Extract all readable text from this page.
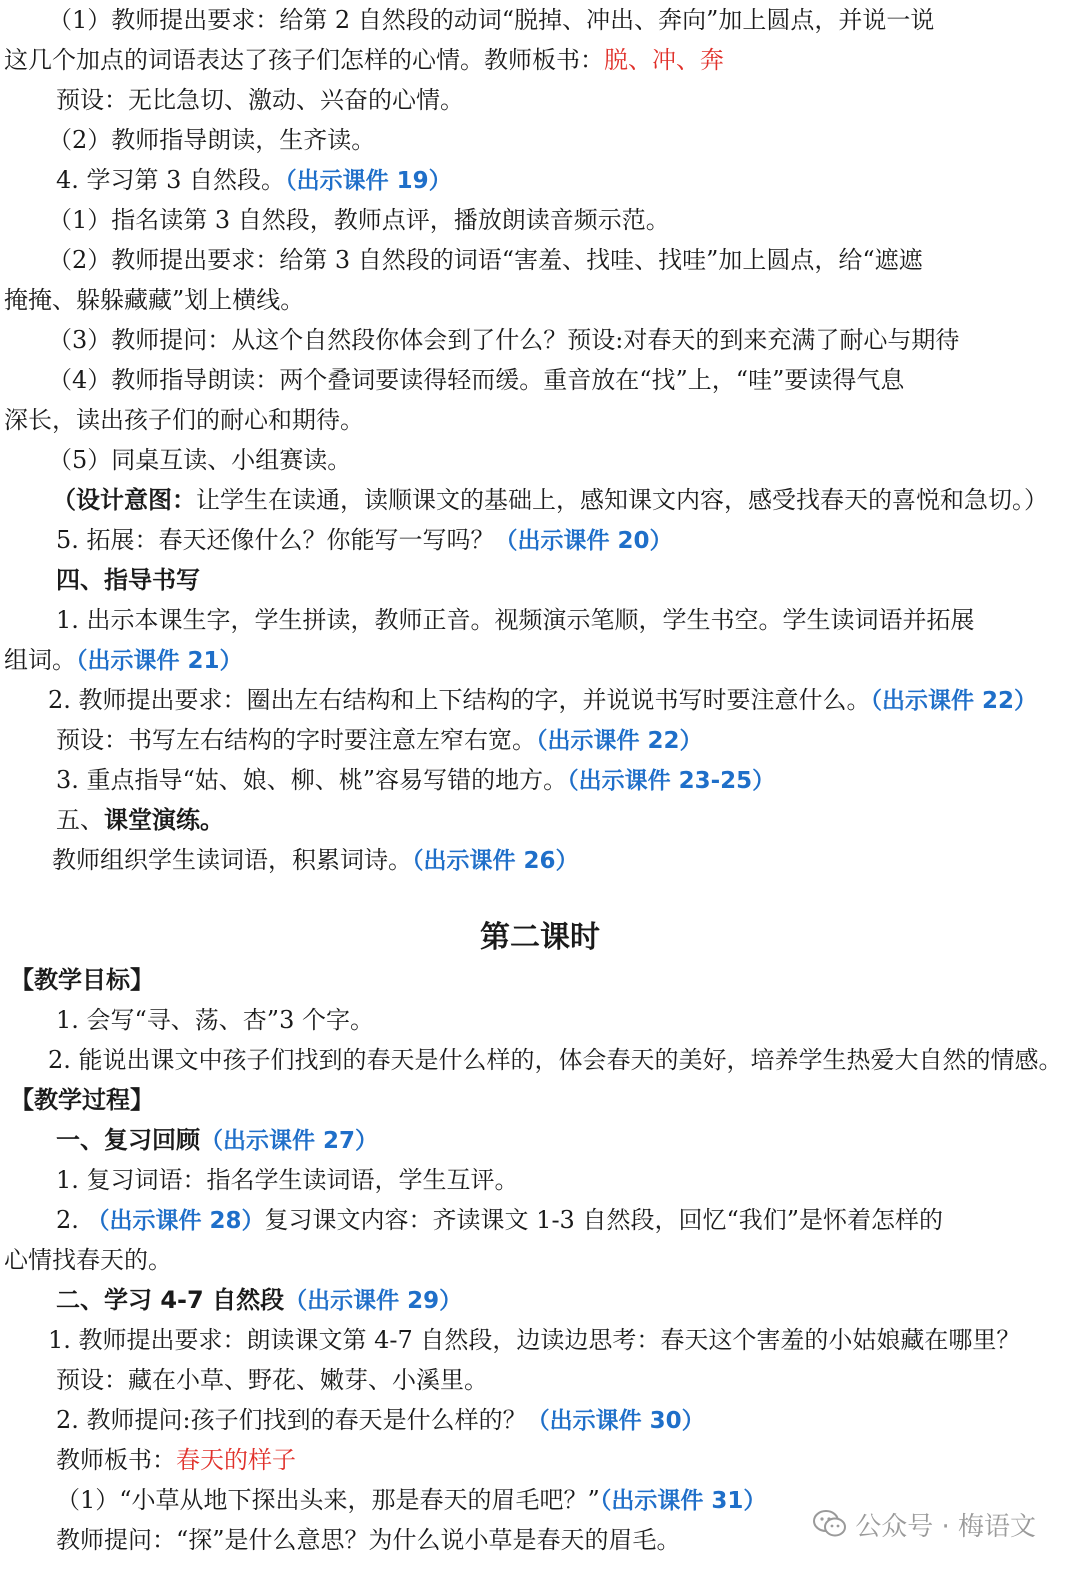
（1）教师提出要求：给第 2 自然段的动词“脱掉、冲出、奔向”加上圆点，并说一说
这几个加点的词语表达了孩子们怎样的心情。教师板书：脱、冲、奔
预设：无比急切、激动、兴奋的心情。
（2）教师指导朗读，生齐读。
4. 学习第 3 自然段。（出示课件 19）
（1）指名读第 3 自然段，教师点评，播放朗读音频示范。
（2）教师提出要求：给第 3 自然段的词语“害羞、找哇、找哇”加上圆点，给“遮遮
掩掩、躲躲藏藏”划上横线。
（3）教师提问：从这个自然段你体会到了什么？预设:对春天的到来充满了耐心与期待
（4）教师指导朗读：两个叠词要读得轻而缓。重音放在“找”上，“哇”要读得气息
深长，读出孩子们的耐心和期待。
（5）同桌互读、小组赛读。
（设计意图：让学生在读通，读顺课文的基础上，感知课文内容，感受找春天的喜悦和急切。）
5. 拓展：春天还像什么？你能写一写吗？（出示课件 20）
四、指导书写
1. 出示本课生字，学生拼读，教师正音。视频演示笔顺，学生书空。学生读词语并拓展
组词。（出示课件 21）
2. 教师提出要求：圈出左右结构和上下结构的字，并说说书写时要注意什么。（出示课件 22）
预设：书写左右结构的字时要注意左窄右宽。（出示课件 22）
3. 重点指导“姑、娘、柳、桃”容易写错的地方。（出示课件 23-25）
五、课堂演练。
教师组织学生读词语，积累词诗。（出示课件 26）
第二课时
【教学目标】
1. 会写“寻、荡、杏”3 个字。
2. 能说出课文中孩子们找到的春天是什么样的，体会春天的美好，培养学生热爱大自然的情感。
【教学过程】
一、复习回顾（出示课件 27）
1. 复习词语：指名学生读词语，学生互评。
2. （出示课件 28）复习课文内容：齐读课文 1-3 自然段，回忆“我们”是怀着怎样的
心情找春天的。
二、学习 4-7 自然段（出示课件 29）
1. 教师提出要求：朗读课文第 4-7 自然段，边读边思考：春天这个害羞的小姑娘藏在哪里？
预设：藏在小草、野花、嫩芽、小溪里。
2. 教师提问:孩子们找到的春天是什么样的？（出示课件 30）
教师板书：春天的样子
（1）“小草从地下探出头来，那是春天的眉毛吧？”（出示课件 31）
教师提问：“探”是什么意思？为什么说小草是春天的眉毛。	公众号 · 梅语文
